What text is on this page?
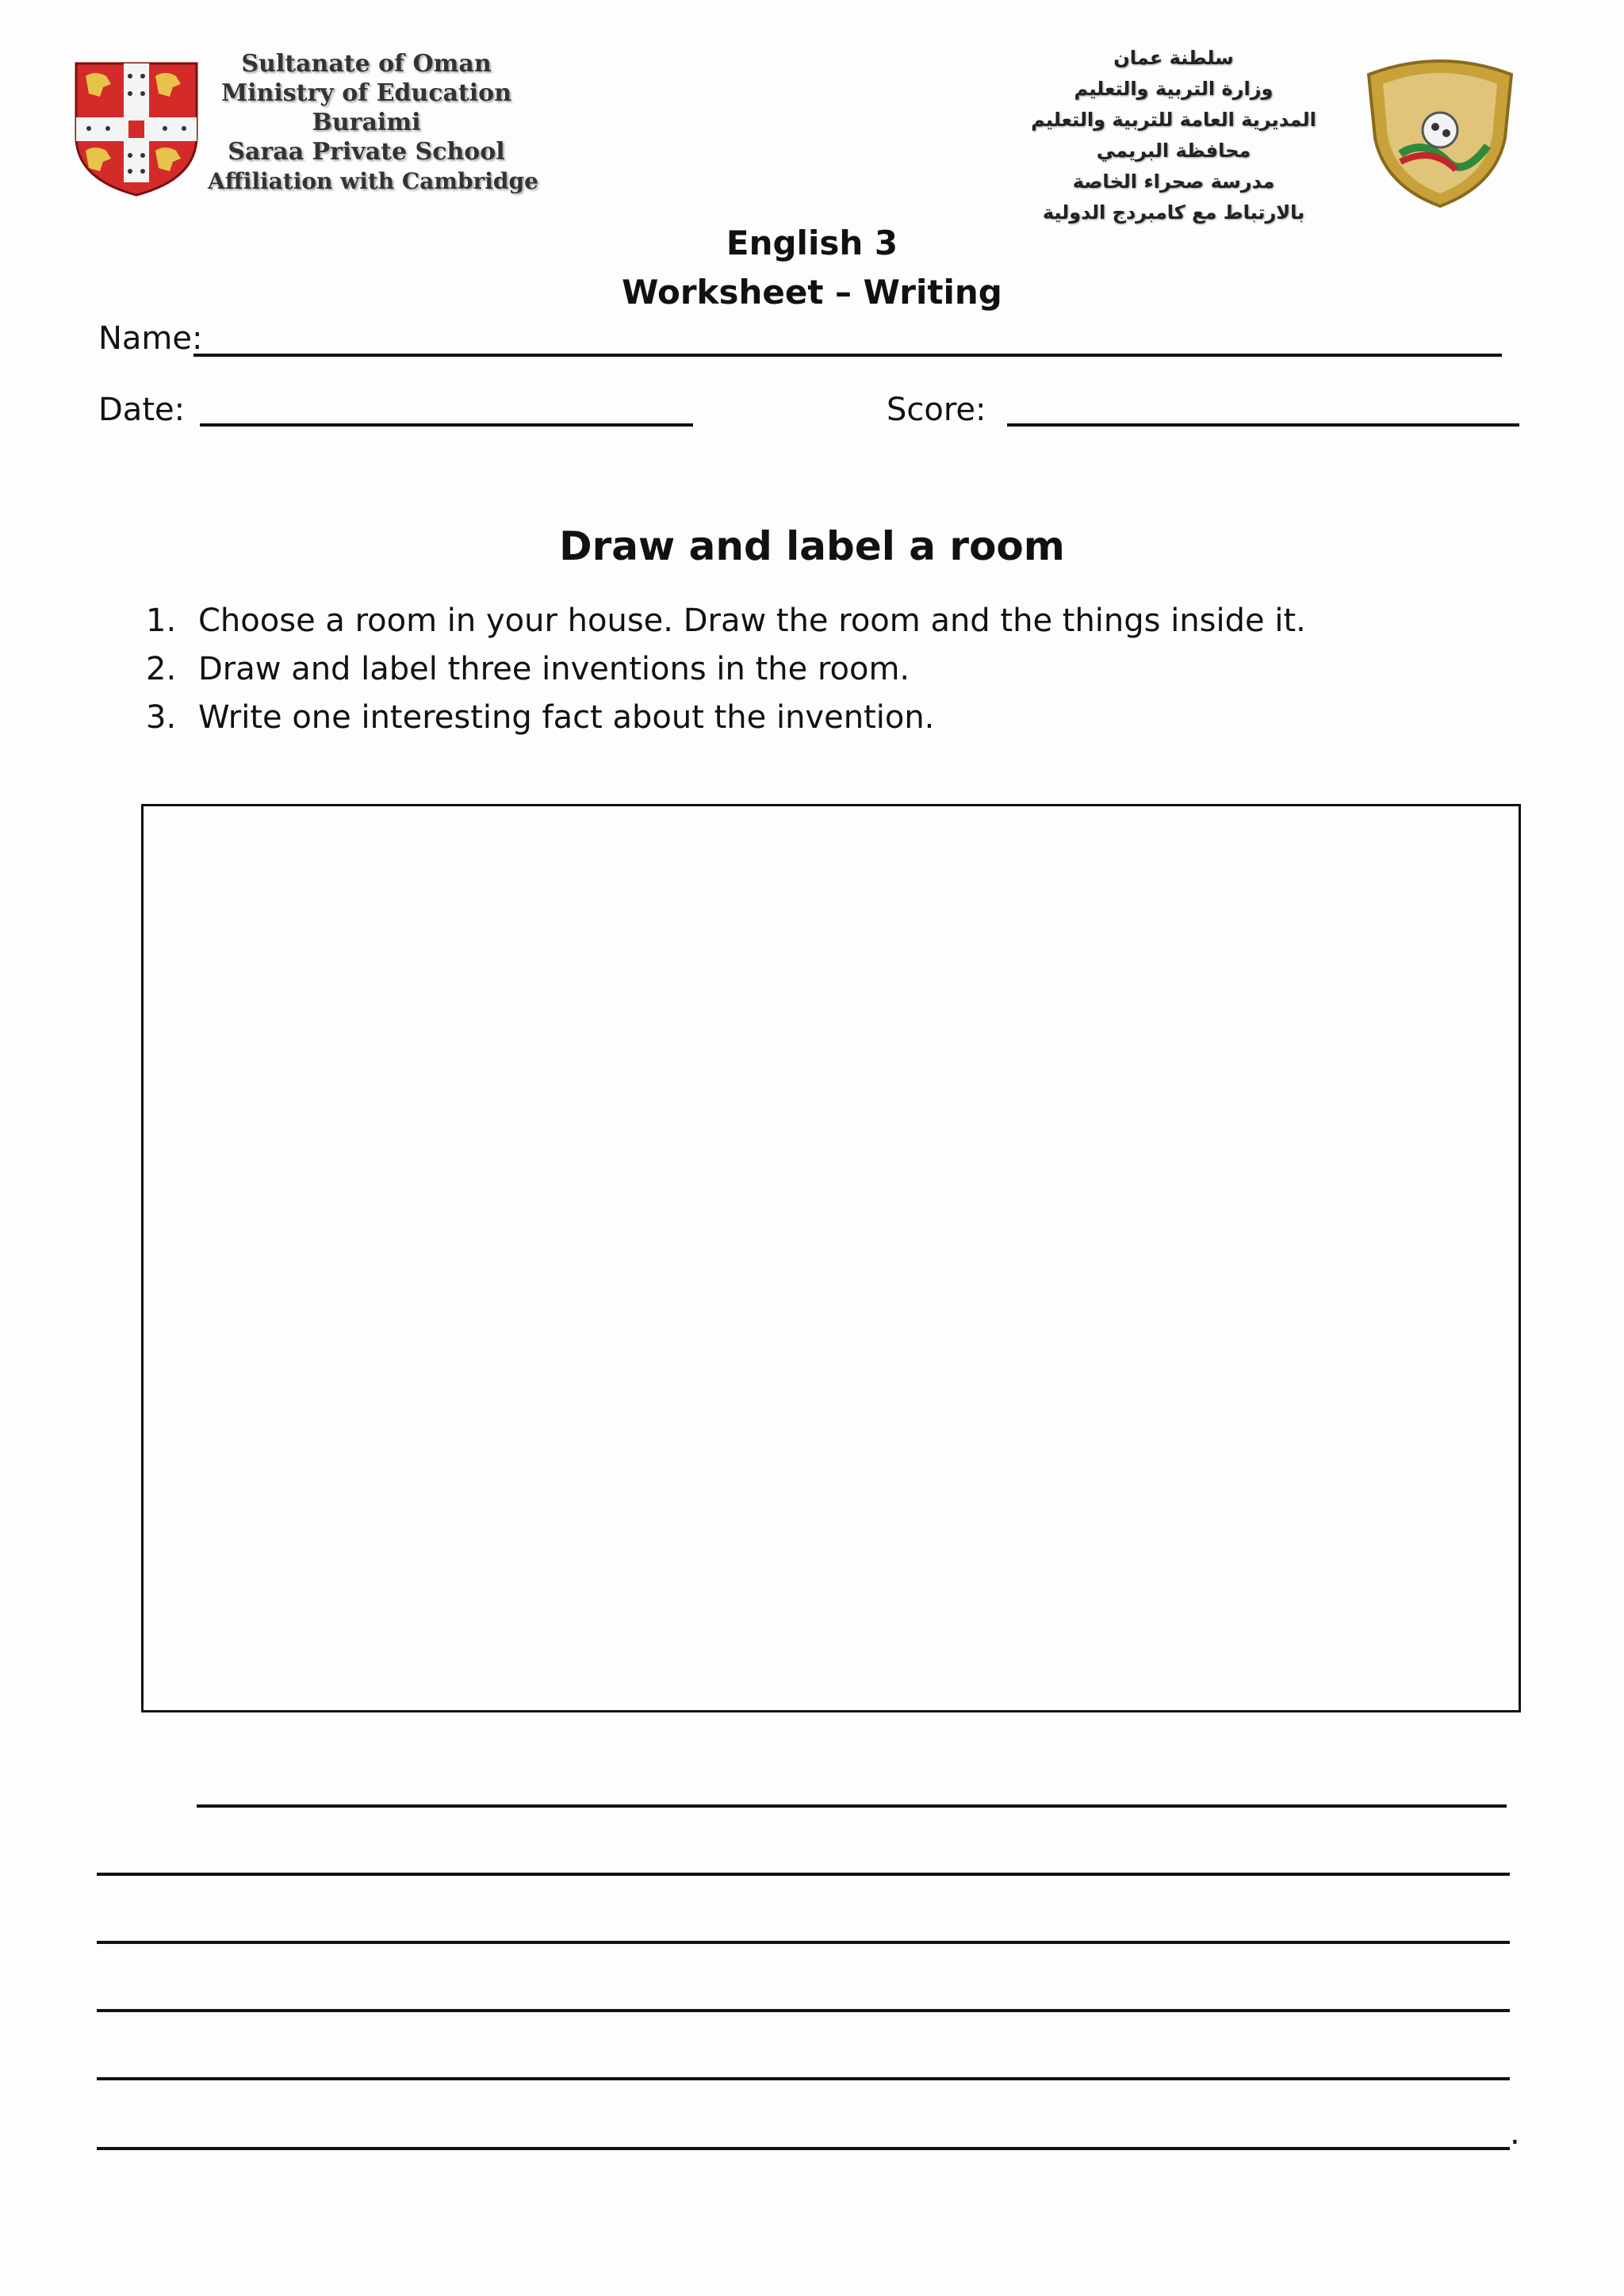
Sultanate of Oman
Ministry of Education
Buraimi
Saraa Private School
Affiliation with Cambridge
سلطنة عمان
وزارة التربية والتعليم
المديرية العامة للتربية والتعليم
محافظة البريمي
مدرسة صحراء الخاصة
بالارتباط مع كامبردج الدولية
English 3
Worksheet – Writing
Name:
Date:	Score:
Draw and label a room
1. Choose a room in your house. Draw the room and the things inside it.
2. Draw and label three inventions in the room.
3. Write one interesting fact about the invention.
.
